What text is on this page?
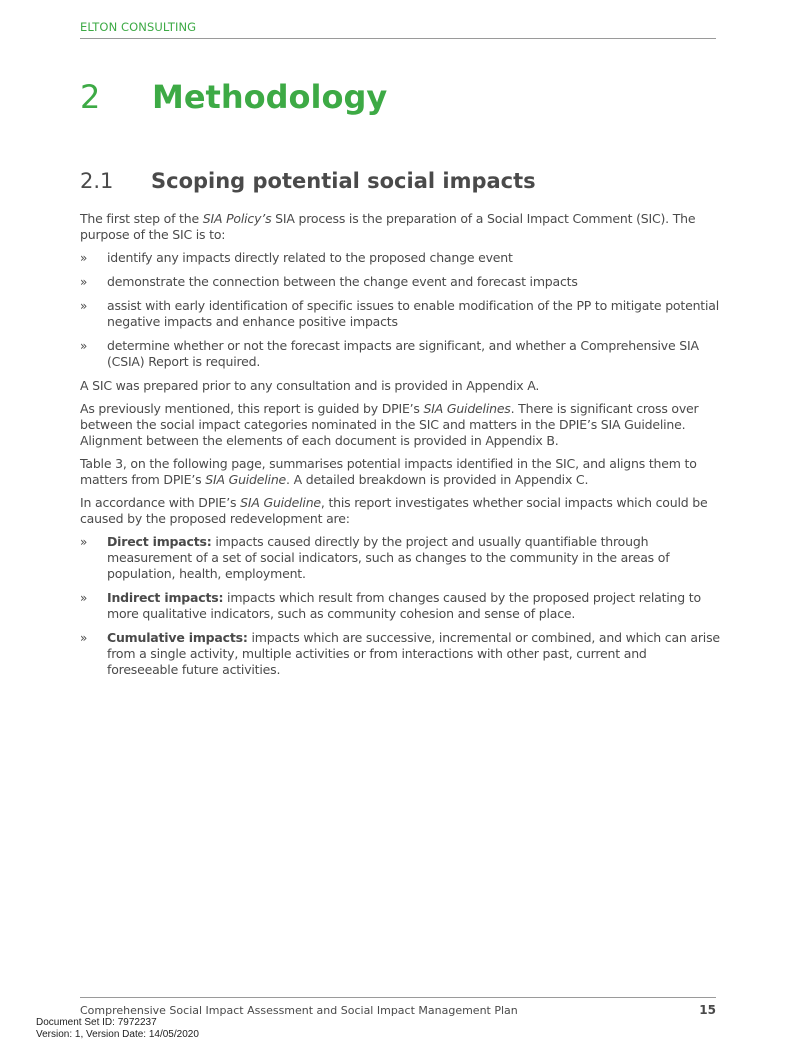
ELTON CONSULTING
2 Methodology
2.1 Scoping potential social impacts

The first step of the SIA Policy’s SIA process is the preparation of a Social Impact Comment (SIC). The purpose of the SIC is to:

» identify any impacts directly related to the proposed change event
» demonstrate the connection between the change event and forecast impacts
» assist with early identification of specific issues to enable modification of the PP to mitigate potential negative impacts and enhance positive impacts
» determine whether or not the forecast impacts are significant, and whether a Comprehensive SIA (CSIA) Report is required.

A SIC was prepared prior to any consultation and is provided in Appendix A.

As previously mentioned, this report is guided by DPIE’s SIA Guidelines. There is significant cross over between the social impact categories nominated in the SIC and matters in the DPIE’s SIA Guideline. Alignment between the elements of each document is provided in Appendix B.

Table 3, on the following page, summarises potential impacts identified in the SIC, and aligns them to matters from DPIE’s SIA Guideline. A detailed breakdown is provided in Appendix C.

In accordance with DPIE’s SIA Guideline, this report investigates whether social impacts which could be caused by the proposed redevelopment are:

» Direct impacts: impacts caused directly by the project and usually quantifiable through measurement of a set of social indicators, such as changes to the community in the areas of population, health, employment.
» Indirect impacts: impacts which result from changes caused by the proposed project relating to more qualitative indicators, such as community cohesion and sense of place.
» Cumulative impacts: impacts which are successive, incremental or combined, and which can arise from a single activity, multiple activities or from interactions with other past, current and foreseeable future activities.
Comprehensive Social Impact Assessment and Social Impact Management Plan	15
Document Set ID: 7972237
Version: 1, Version Date: 14/05/2020
